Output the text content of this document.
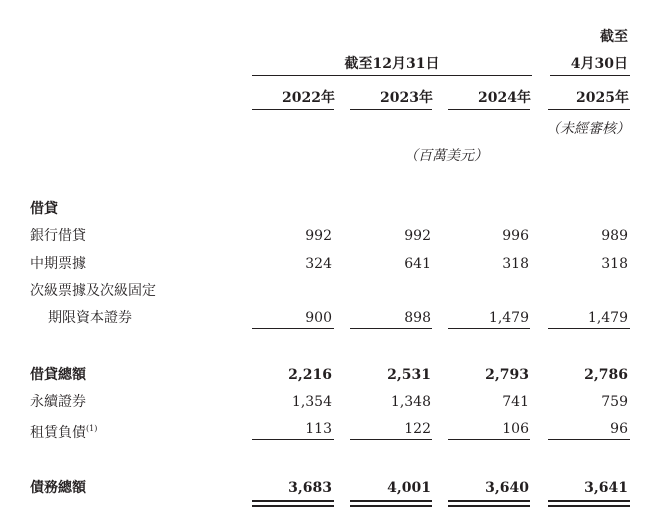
截至
截至12月31日	4月30日
2022年	2023年	2024年	2025年
（未經審核）
（百萬美元）
借貸
銀行借貸	992	992	996	989
中期票據	324	641	318	318
次級票據及次級固定
期限資本證券	900	898	1,479	1,479
借貸總額	2,216	2,531	2,793	2,786
永續證券	1,354	1,348	741	759
租賃負債$^{(1)}$	113	122	106	96
債務總額	3,683	4,001	3,640	3,641
